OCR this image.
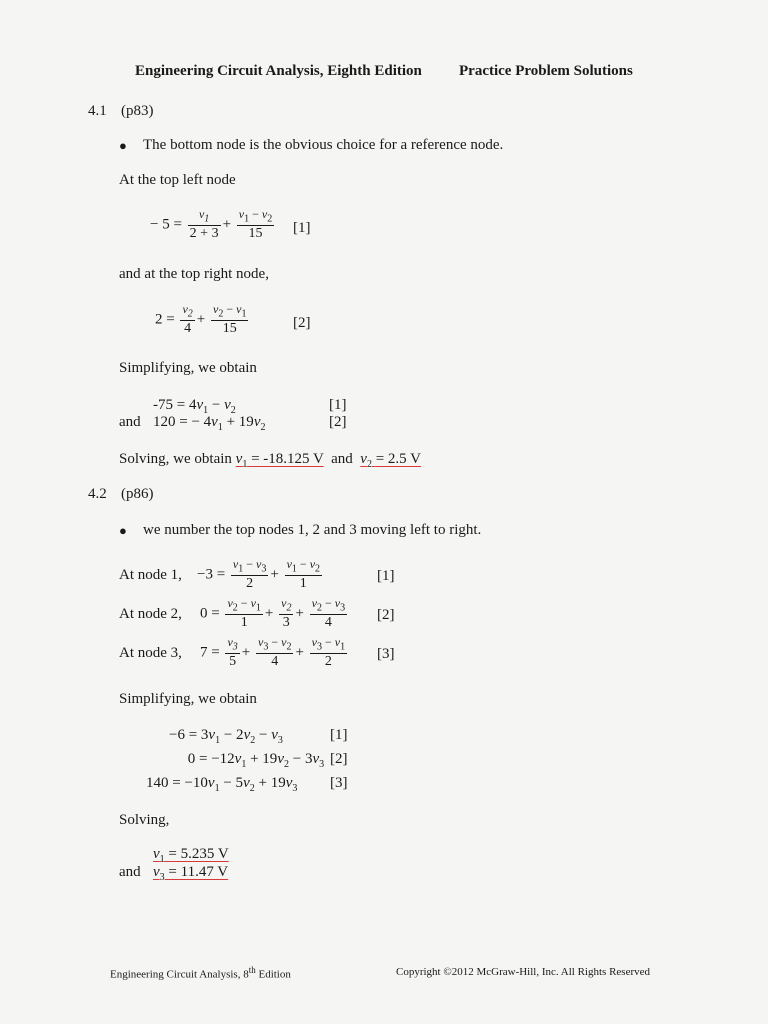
Engineering Circuit Analysis, Eighth Edition Practice Problem Solutions
4.1 (p83)
● The bottom node is the obvious choice for a reference node.
At the top left node
− $5 = \frac{v_1}{2 + 3} + \frac{v_1 - v_2}{15} [1]$
and at the top right node,
$2 = \frac{v_2}{4} + \frac{v_2 - v_1}{15}$	[2]
Simplifying, we obtain
$-75 = 4v_1 - v_2$	[1]
and 120 = − $4v_1 + 19v_2$	[2]
Solving, we obtain $v_1 = -18.125$ V and $v_2 = 2.5$ V
4.2 (p86)
● we number the top nodes 1, 2 and 3 moving left to right.
At node 1, $-3 = \frac{v_1 - v_3}{2} + \frac{v_1 - v_2}{1}$	[1]
At node 2, $0 = \frac{v_2 - v_1}{1} + \frac{v_2}{3} + \frac{v_2 - v_3}{4} [2]$
At node 3, $7 = \frac{v_3}{5} + \frac{v_3 - v_2}{4} + \frac{v_3 - v_1}{2} [3]$
Simplifying, we obtain
$-6 = 3v_1 - 2v_2 - v_3$	[1]
$0 = -12v_1 + 19v_2 - 3v_3$ [2]
$140 = -10v_1 - 5v_2 + 19v_3$ [3]
Solving,
$v_1 = 5.235$ V
and $v_3 = 11.47$ V
Engineering Circuit Analysis, 8th Edition	Copyright ©2012 McGraw-Hill, Inc. All Rights Reserved
